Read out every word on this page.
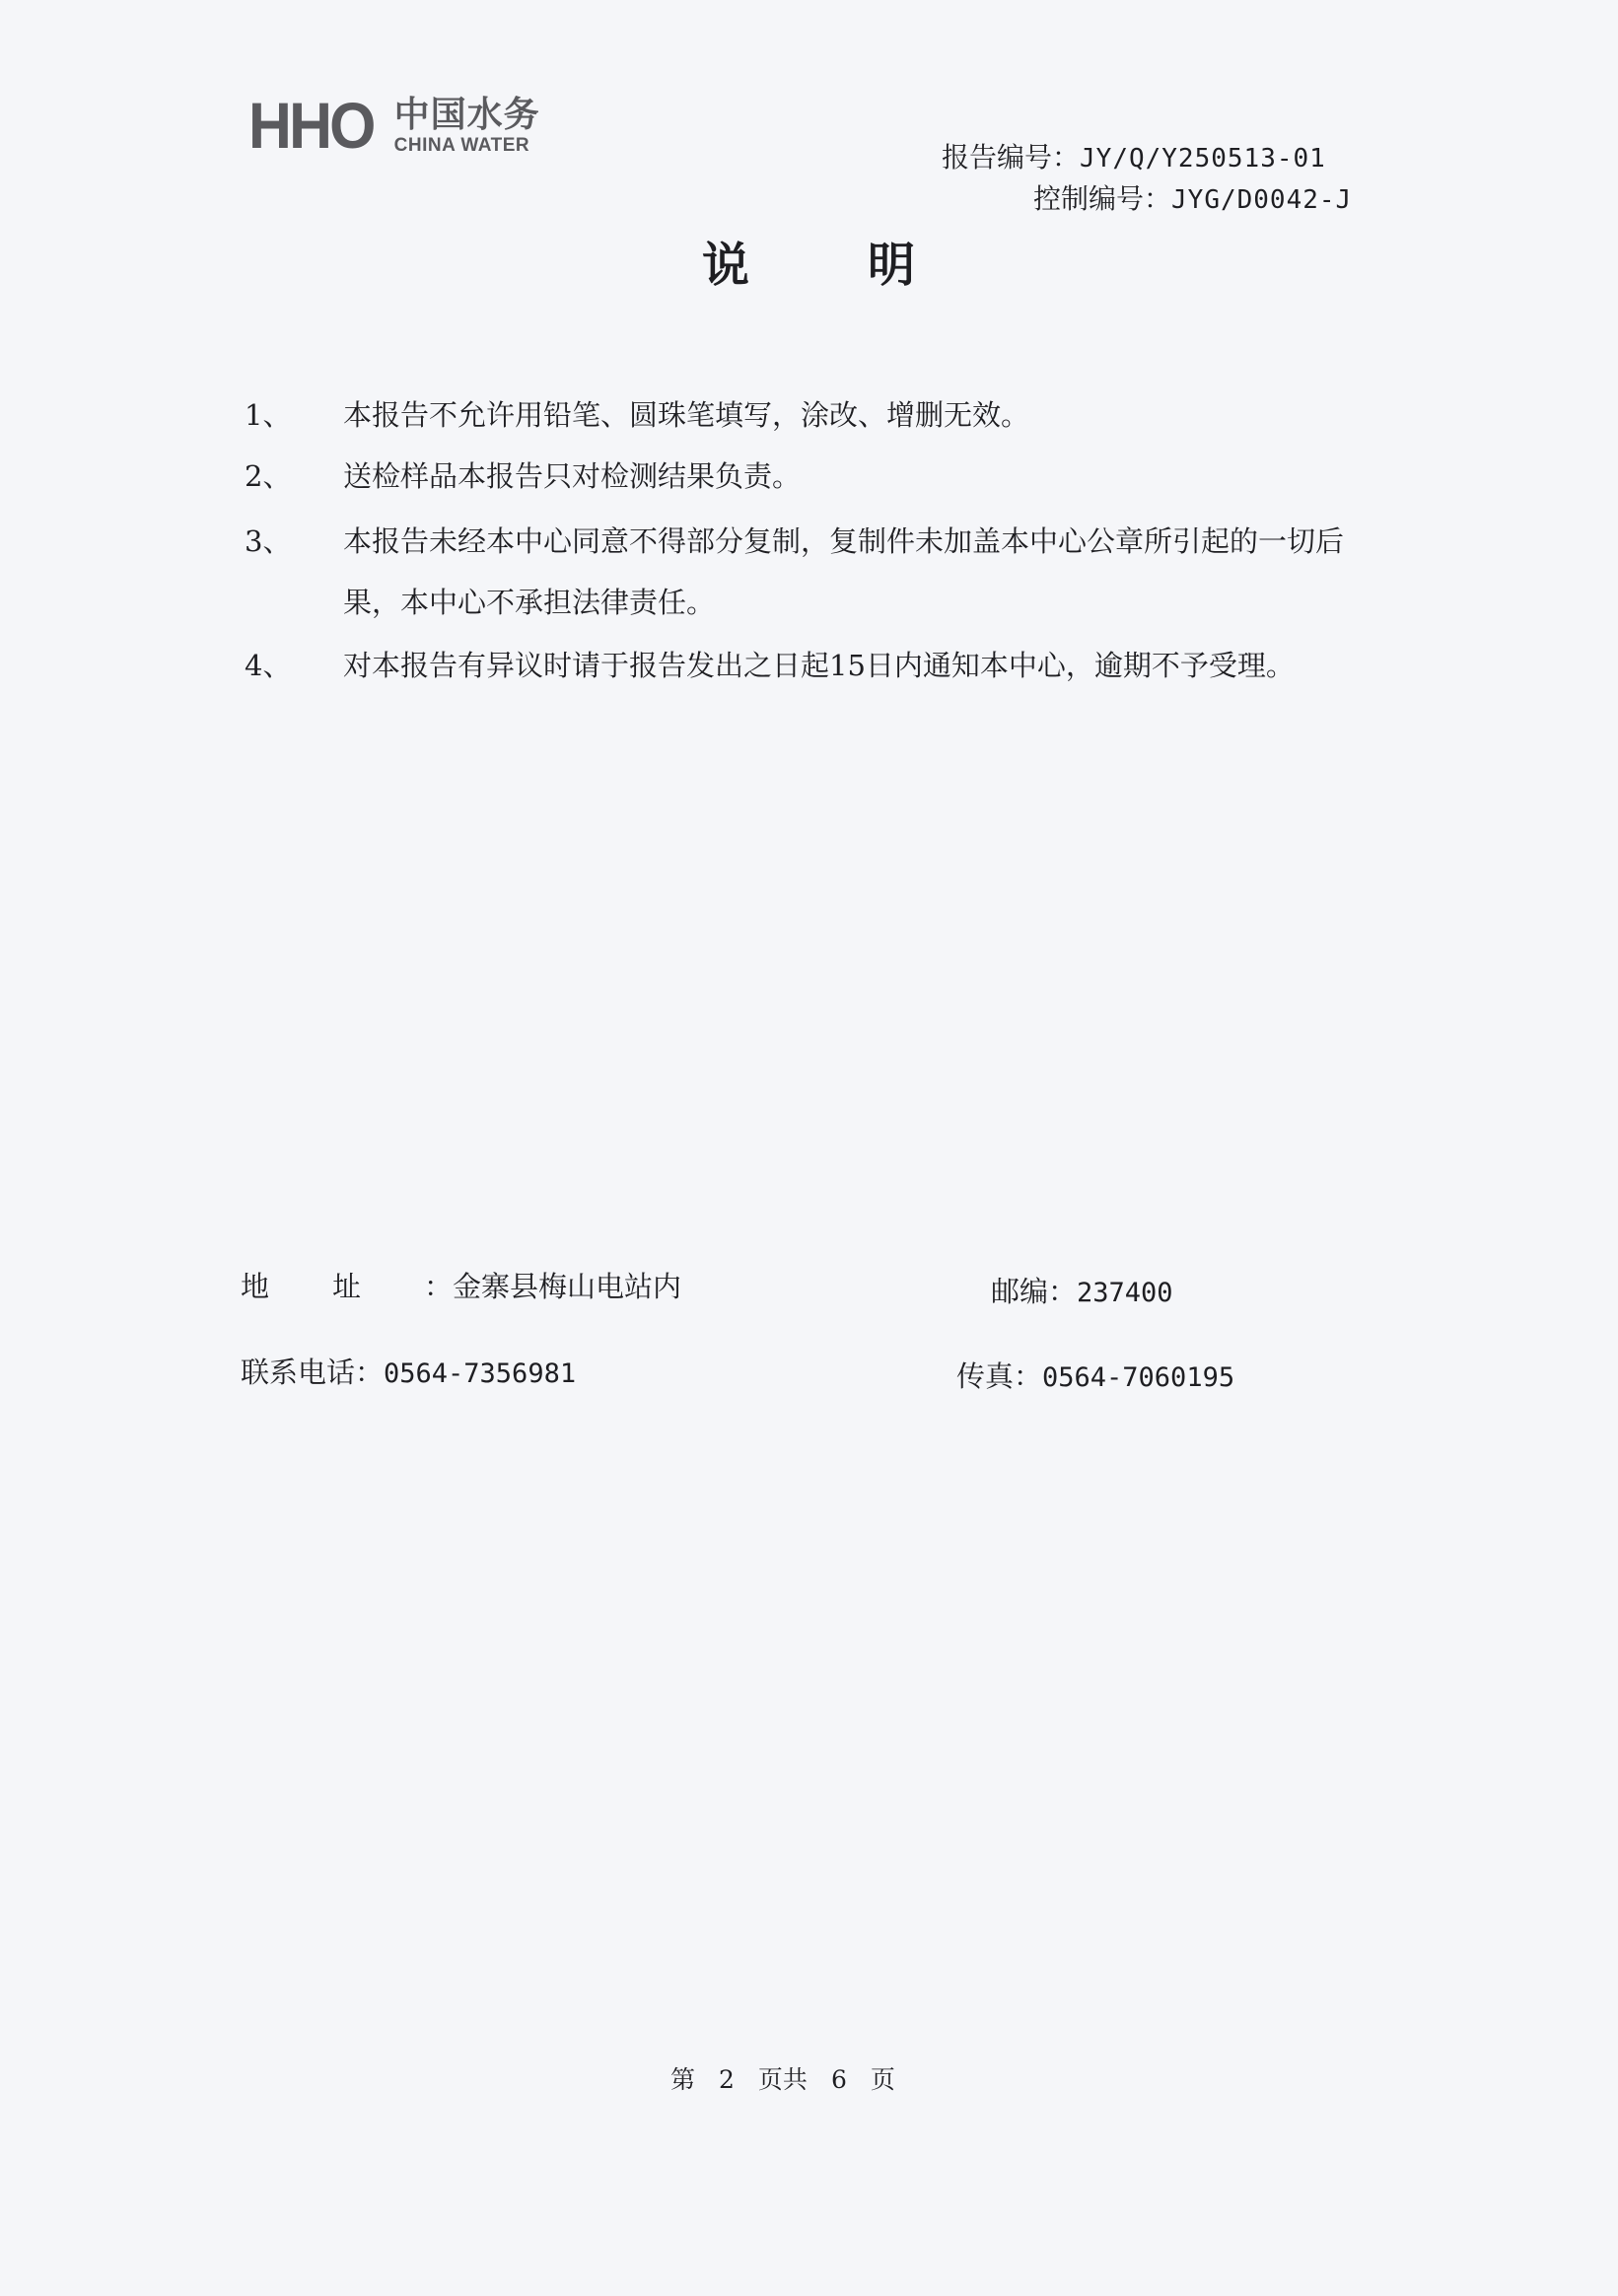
HHO 中国水务
CHINA WATER	报告编号：JY/Q/Y250513-01
控制编号：JYG/D0042-J
说明
1、	本报告不允许用铅笔、圆珠笔填写，涂改、增删无效。
2、	送检样品本报告只对检测结果负责。
3、	本报告未经本中心同意不得部分复制，复制件未加盖本中心公章所引起的一切后果，本中心不承担法律责任。
4、	对本报告有异议时请于报告发出之日起15日内通知本中心，逾期不予受理。
地址：金寨县梅山电站内	邮编：237400
联系电话：0564-7356981	传真：0564-7060195
第 2 页共 6 页
